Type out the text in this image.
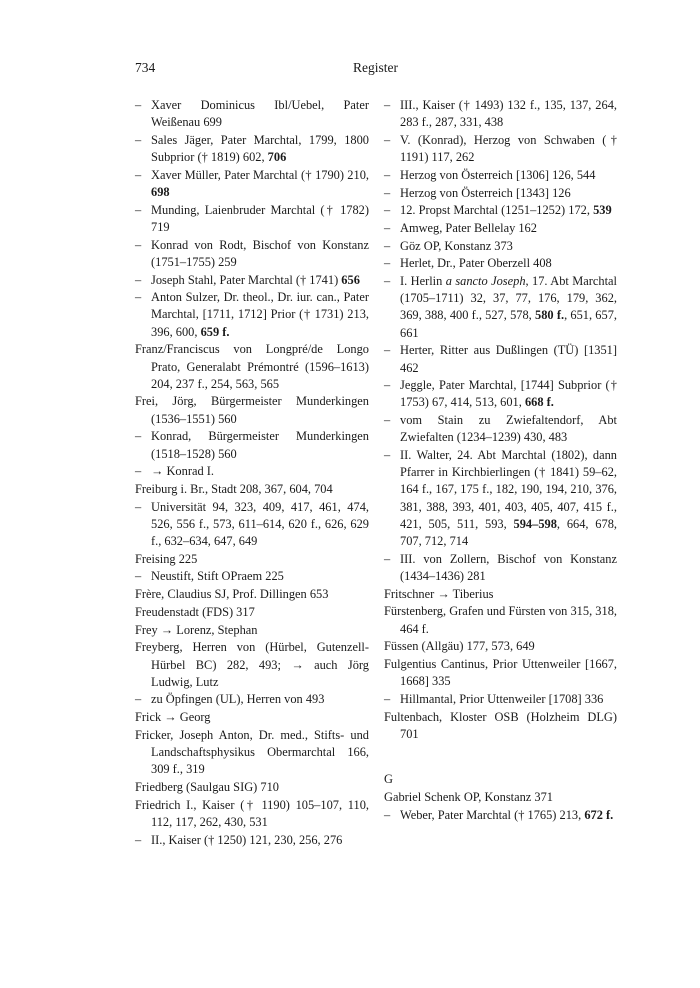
734	Register
– Xaver Dominicus Ibl/Uebel, Pater Weißenau 699
– Sales Jäger, Pater Marchtal, 1799, 1800 Subprior († 1819) 602, 706
– Xaver Müller, Pater Marchtal († 1790) 210, 698
– Munding, Laienbruder Marchtal († 1782) 719
– Konrad von Rodt, Bischof von Konstanz (1751–1755) 259
– Joseph Stahl, Pater Marchtal († 1741) 656
– Anton Sulzer, Dr. theol., Dr. iur. can., Pater Marchtal, [1711, 1712] Prior († 1731) 213, 396, 600, 659 f.
Franz/Franciscus von Longpré/de Longo Prato, Generalabt Prémontré (1596–1613) 204, 237 f., 254, 563, 565
Frei, Jörg, Bürgermeister Munderkingen (1536–1551) 560
– Konrad, Bürgermeister Munderkingen (1518–1528) 560
– → Konrad I.
Freiburg i. Br., Stadt 208, 367, 604, 704
– Universität 94, 323, 409, 417, 461, 474, 526, 556 f., 573, 611–614, 620 f., 626, 629 f., 632–634, 647, 649
Freising 225
– Neustift, Stift OPraem 225
Frère, Claudius SJ, Prof. Dillingen 653
Freudenstadt (FDS) 317
Frey → Lorenz, Stephan
Freyberg, Herren von (Hürbel, Gutenzell-Hürbel BC) 282, 493; → auch Jörg Ludwig, Lutz
– zu Öpfingen (UL), Herren von 493
Frick → Georg
Fricker, Joseph Anton, Dr. med., Stifts- und Landschaftsphysikus Obermarchtal 166, 309 f., 319
Friedberg (Saulgau SIG) 710
Friedrich I., Kaiser († 1190) 105–107, 110, 112, 117, 262, 430, 531
– II., Kaiser († 1250) 121, 230, 256, 276
– III., Kaiser († 1493) 132 f., 135, 137, 264, 283 f., 287, 331, 438
– V. (Konrad), Herzog von Schwaben († 1191) 117, 262
– Herzog von Österreich [1306] 126, 544
– Herzog von Österreich [1343] 126
– 12. Propst Marchtal (1251–1252) 172, 539
– Amweg, Pater Bellelay 162
– Göz OP, Konstanz 373
– Herlet, Dr., Pater Oberzell 408
– I. Herlin a sancto Joseph, 17. Abt Marchtal (1705–1711) 32, 37, 77, 176, 179, 362, 369, 388, 400 f., 527, 578, 580 f., 651, 657, 661
– Herter, Ritter aus Dußlingen (TÜ) [1351] 462
– Jeggle, Pater Marchtal, [1744] Subprior († 1753) 67, 414, 513, 601, 668 f.
– vom Stain zu Zwiefaltendorf, Abt Zwiefalten (1234–1239) 430, 483
– II. Walter, 24. Abt Marchtal (1802), dann Pfarrer in Kirchbierlingen († 1841) 59–62, 164 f., 167, 175 f., 182, 190, 194, 210, 376, 381, 388, 393, 401, 403, 405, 407, 415 f., 421, 505, 511, 593, 594–598, 664, 678, 707, 712, 714
– III. von Zollern, Bischof von Konstanz (1434–1436) 281
Fritschner → Tiberius
Fürstenberg, Grafen und Fürsten von 315, 318, 464 f.
Füssen (Allgäu) 177, 573, 649
Fulgentius Cantinus, Prior Uttenweiler [1667, 1668] 335
– Hillmantal, Prior Uttenweiler [1708] 336
Fultenbach, Kloster OSB (Holzheim DLG) 701
G
Gabriel Schenk OP, Konstanz 371
– Weber, Pater Marchtal († 1765) 213, 672 f.
